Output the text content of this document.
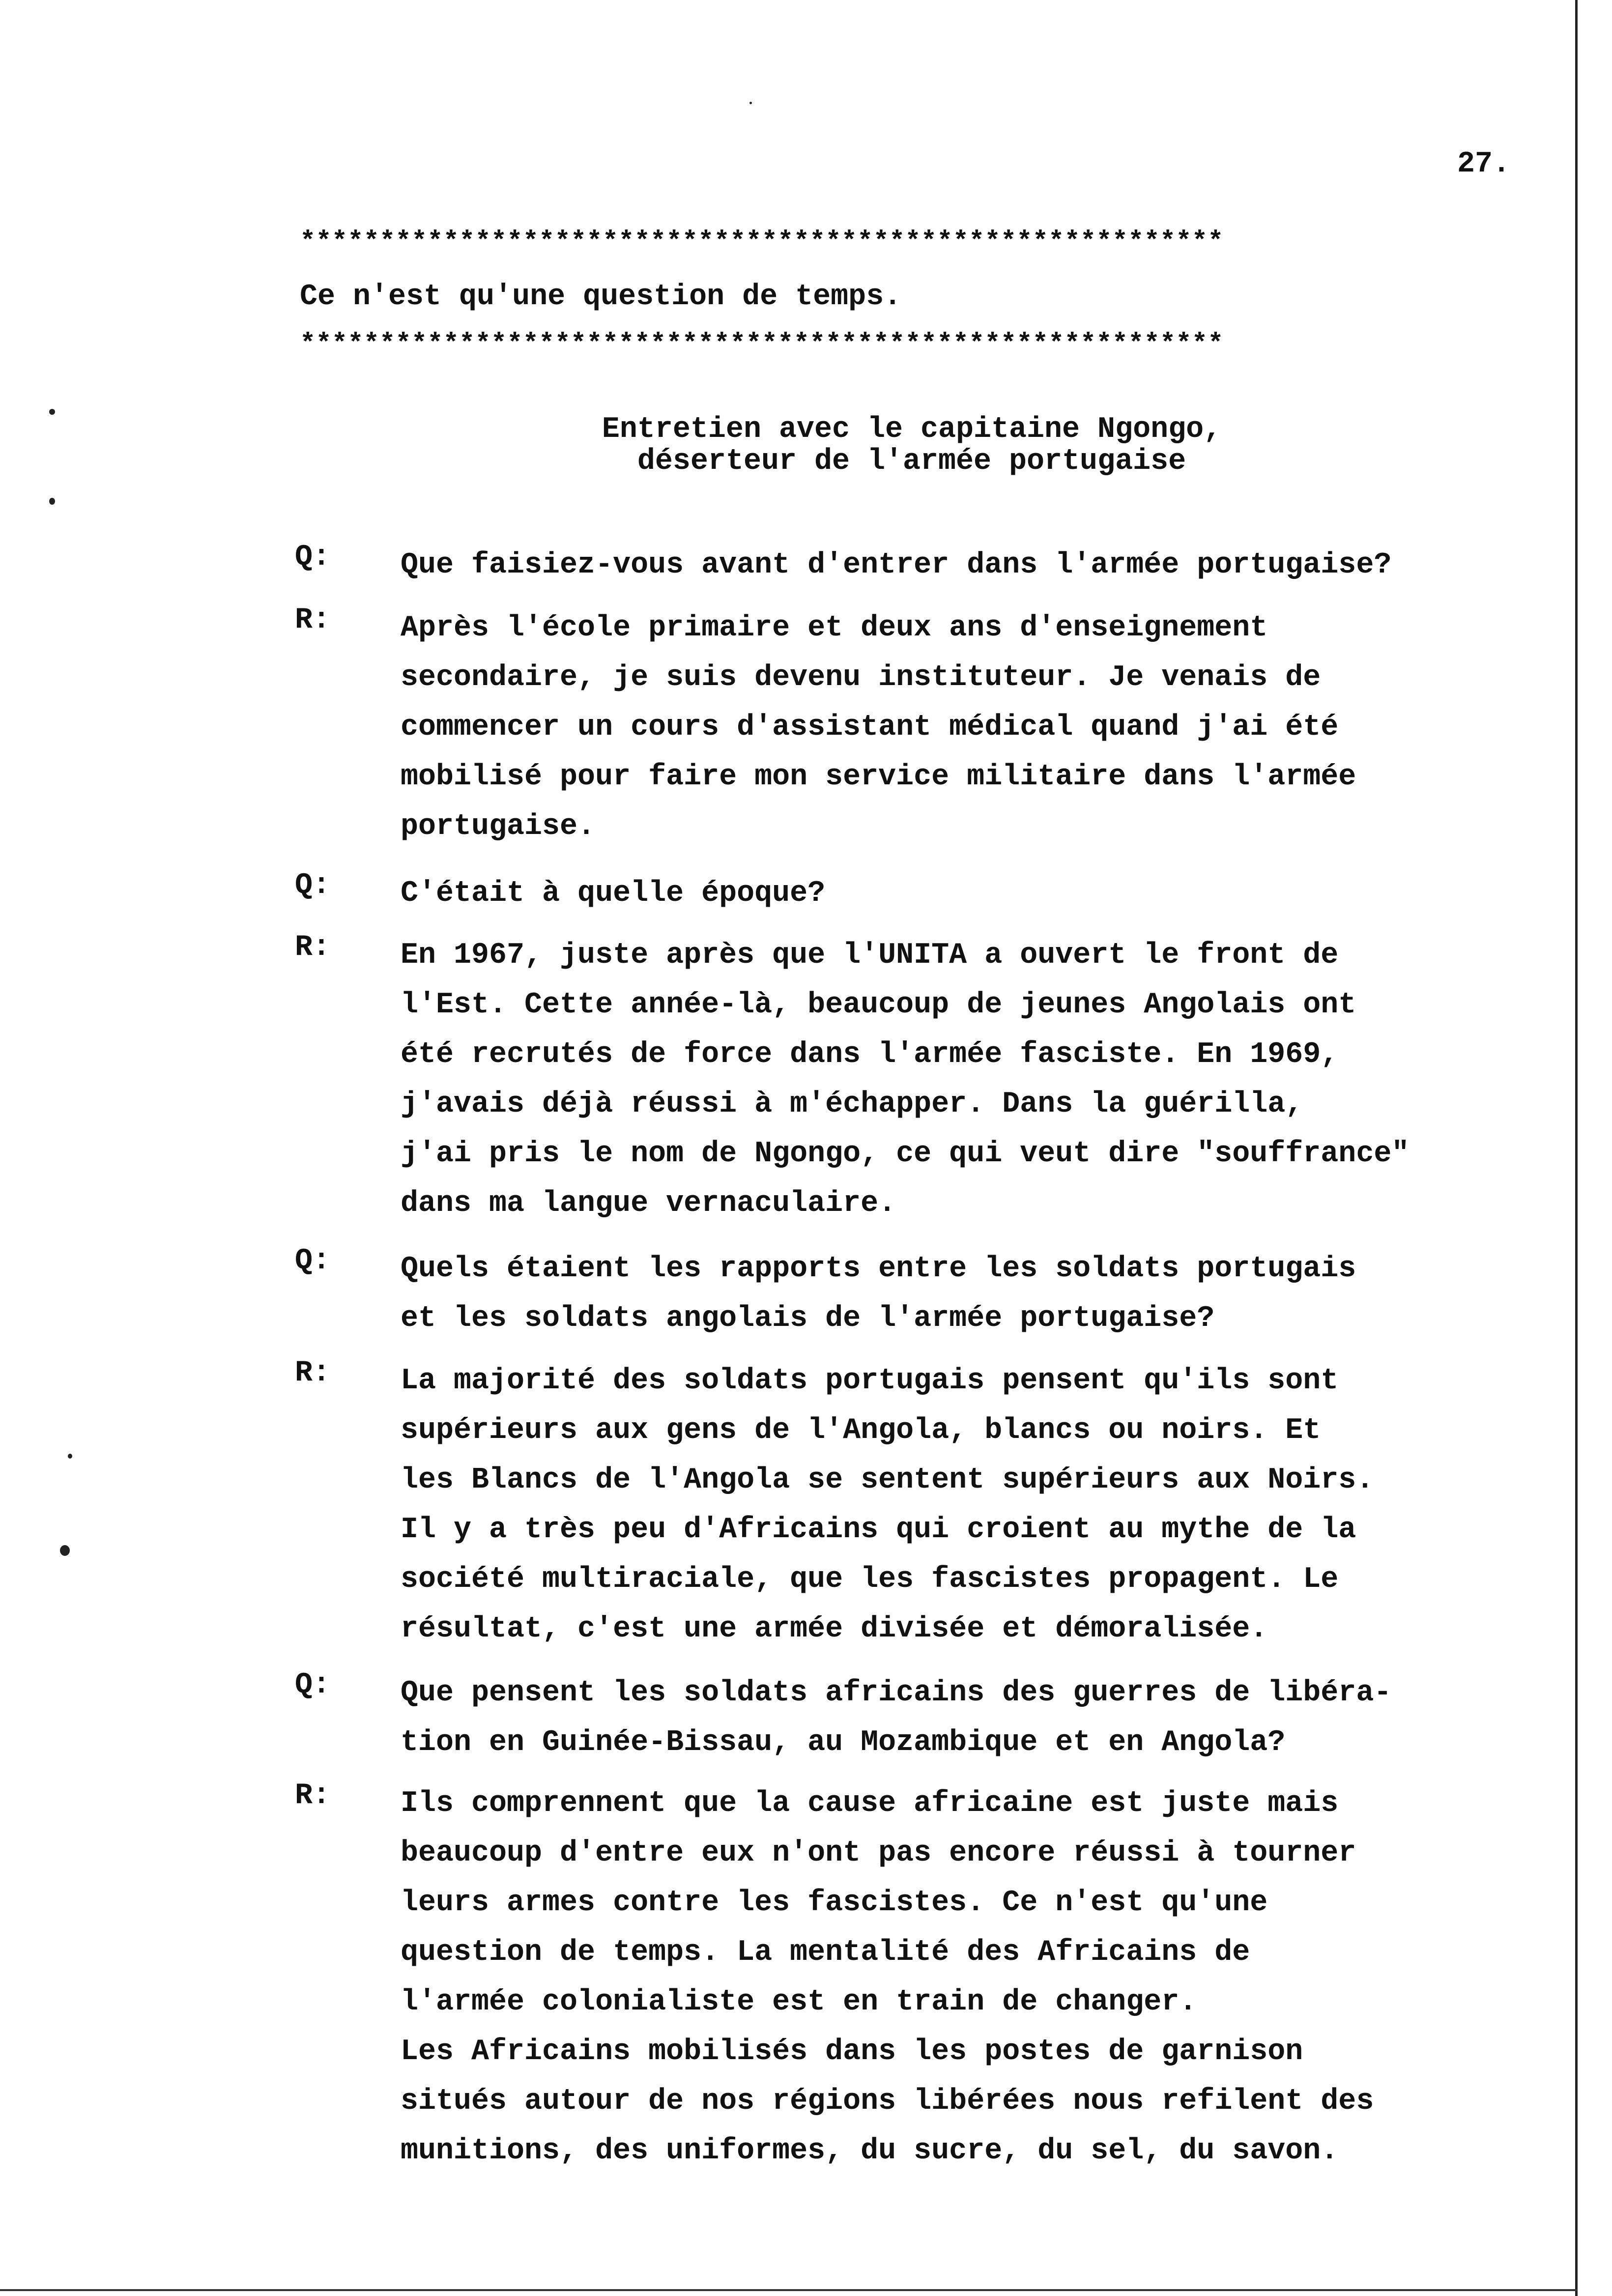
27.
**********************************************************
Ce n'est qu'une question de temps.
**********************************************************
Entretien avec le capitaine Ngongo,
déserteur de l'armée portugaise
Q: Que faisiez-vous avant d'entrer dans l'armée portugaise?
R: Après l'école primaire et deux ans d'enseignement
secondaire, je suis devenu instituteur. Je venais de
commencer un cours d'assistant médical quand j'ai été
mobilisé pour faire mon service militaire dans l'armée
portugaise.
Q: C'était à quelle époque?
R: En 1967, juste après que l'UNITA a ouvert le front de
l'Est. Cette année-là, beaucoup de jeunes Angolais ont
été recrutés de force dans l'armée fasciste. En 1969,
j'avais déjà réussi à m'échapper. Dans la guérilla,
j'ai pris le nom de Ngongo, ce qui veut dire "souffrance"
dans ma langue vernaculaire.
Q: Quels étaient les rapports entre les soldats portugais
et les soldats angolais de l'armée portugaise?
R: La majorité des soldats portugais pensent qu'ils sont
supérieurs aux gens de l'Angola, blancs ou noirs. Et
les Blancs de l'Angola se sentent supérieurs aux Noirs.
Il y a très peu d'Africains qui croient au mythe de la
société multiraciale, que les fascistes propagent. Le
résultat, c'est une armée divisée et démoralisée.
Q: Que pensent les soldats africains des guerres de libéra-
tion en Guinée-Bissau, au Mozambique et en Angola?
R: Ils comprennent que la cause africaine est juste mais
beaucoup d'entre eux n'ont pas encore réussi à tourner
leurs armes contre les fascistes. Ce n'est qu'une
question de temps. La mentalité des Africains de
l'armée colonialiste est en train de changer.
Les Africains mobilisés dans les postes de garnison
situés autour de nos régions libérées nous refilent des
munitions, des uniformes, du sucre, du sel, du savon.
